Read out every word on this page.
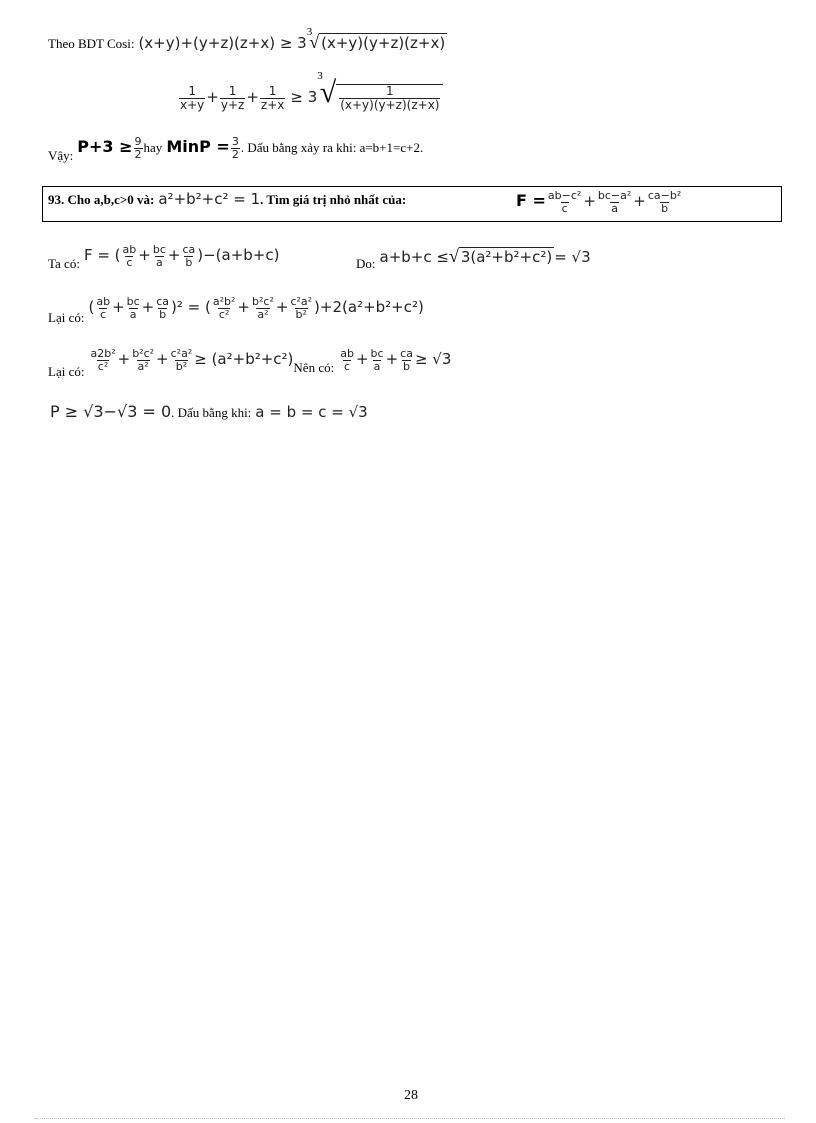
Theo BDT Cosi: $(x+y)+(y+z)(z+x) \ge 3^3√$ (x+y)(y+z)(z+x)
$\frac{1}{x+y} + \frac{1}{y+z} + \frac{1}{z+x} \ge 3^3√ \frac{1}{(x+y)(y+z)(z+x)}$
$_{Vậy:}$ $P+3 \ge \frac{9}{2}$ hay MinP = $\frac{3}{2}$ . Dấu bằng xảy ra khi: a=b+1=c+2.
93. Cho a,b,c>0 và: a²+b²+c² = 1. Tìm giá trị nhỏ nhất của:	$F = \frac{\text{ab−c²}}{c} + \frac{\text{bc−a²}}{a} + \frac{\text{ca−b²}}{b}$
$_{Ta có:}$ F = ( $\frac{ab}{c} + \frac{bc}{a} + \frac{ca}{b} )-(a+b+c)$	$_{Do:}$ a+b+c ≤√ 3(a²+b²+c²) = √3
$_{Lại có:}$ ( $\frac{ab}{c} + \frac{bc}{a} + \frac{ca}{b} )^2$ = ( $\frac{\text{a²b²}}{\text{c²}} + \frac{\text{b²c²}}{\text{a²}} + \frac{\text{c²a²}}{\text{b²}} )+2(a^2+b^2+c^2)$
$_{Lại có:} \frac{\text{a2b²}}{\text{c²}} + \frac{\text{b²c²}}{\text{a²}} + \frac{\text{c²a²}}{\text{b²}} \ge (a^2+b^2+c^2)_{Nên có:} \frac{ab}{c} + \frac{bc}{a} + \frac{ca}{b} \ge √3$
P ≥ √3−√3 = 0. Dấu bằng khi: a = b = c = √3
28
